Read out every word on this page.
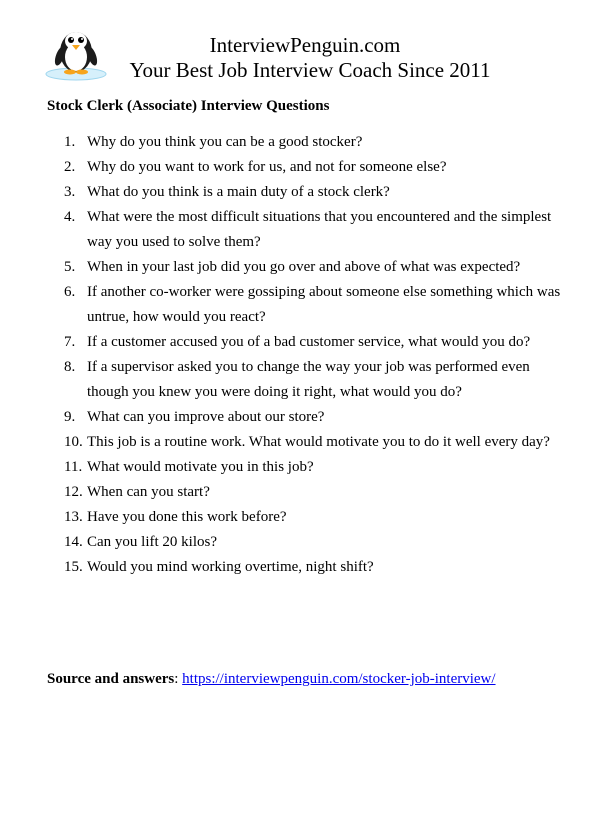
InterviewPenguin.com
Your Best Job Interview Coach Since 2011
Stock Clerk (Associate) Interview Questions
1. Why do you think you can be a good stocker?
2. Why do you want to work for us, and not for someone else?
3. What do you think is a main duty of a stock clerk?
4. What were the most difficult situations that you encountered and the simplest way you used to solve them?
5. When in your last job did you go over and above of what was expected?
6. If another co-worker were gossiping about someone else something which was untrue, how would you react?
7. If a customer accused you of a bad customer service, what would you do?
8. If a supervisor asked you to change the way your job was performed even though you knew you were doing it right, what would you do?
9. What can you improve about our store?
10. This job is a routine work. What would motivate you to do it well every day?
11. What would motivate you in this job?
12. When can you start?
13. Have you done this work before?
14. Can you lift 20 kilos?
15. Would you mind working overtime, night shift?
Source and answers: https://interviewpenguin.com/stocker-job-interview/
